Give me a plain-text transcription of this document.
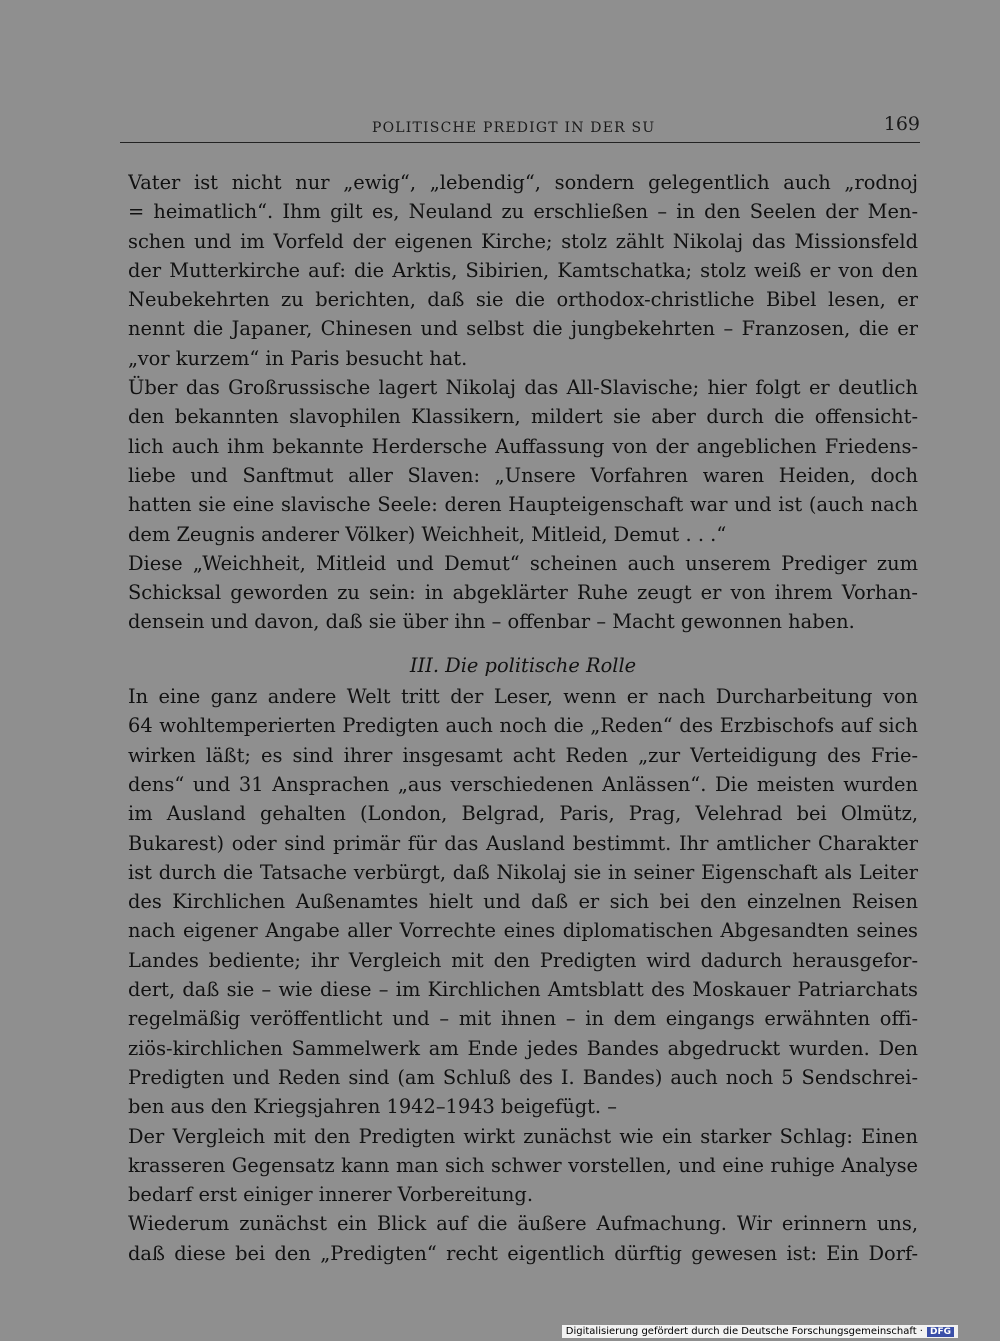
POLITISCHE PREDIGT IN DER SU	169
Vater ist nicht nur „ewig“, „lebendig“, sondern gelegentlich auch „rodnoj
= heimatlich“. Ihm gilt es, Neuland zu erschließen – in den Seelen der Men-
schen und im Vorfeld der eigenen Kirche; stolz zählt Nikolaj das Missionsfeld
der Mutterkirche auf: die Arktis, Sibirien, Kamtschatka; stolz weiß er von den
Neubekehrten zu berichten, daß sie die orthodox-christliche Bibel lesen, er
nennt die Japaner, Chinesen und selbst die jungbekehrten – Franzosen, die er
„vor kurzem“ in Paris besucht hat.
Über das Großrussische lagert Nikolaj das All-Slavische; hier folgt er deutlich
den bekannten slavophilen Klassikern, mildert sie aber durch die offensicht-
lich auch ihm bekannte Herdersche Auffassung von der angeblichen Friedens-
liebe und Sanftmut aller Slaven: „Unsere Vorfahren waren Heiden, doch
hatten sie eine slavische Seele: deren Haupteigenschaft war und ist (auch nach
dem Zeugnis anderer Völker) Weichheit, Mitleid, Demut . . .“
Diese „Weichheit, Mitleid und Demut“ scheinen auch unserem Prediger zum
Schicksal geworden zu sein: in abgeklärter Ruhe zeugt er von ihrem Vorhan-
densein und davon, daß sie über ihn – offenbar – Macht gewonnen haben.
III. Die politische Rolle
In eine ganz andere Welt tritt der Leser, wenn er nach Durcharbeitung von
64 wohltemperierten Predigten auch noch die „Reden“ des Erzbischofs auf sich
wirken läßt; es sind ihrer insgesamt acht Reden „zur Verteidigung des Frie-
dens“ und 31 Ansprachen „aus verschiedenen Anlässen“. Die meisten wurden
im Ausland gehalten (London, Belgrad, Paris, Prag, Velehrad bei Olmütz,
Bukarest) oder sind primär für das Ausland bestimmt. Ihr amtlicher Charakter
ist durch die Tatsache verbürgt, daß Nikolaj sie in seiner Eigenschaft als Leiter
des Kirchlichen Außenamtes hielt und daß er sich bei den einzelnen Reisen
nach eigener Angabe aller Vorrechte eines diplomatischen Abgesandten seines
Landes bediente; ihr Vergleich mit den Predigten wird dadurch herausgefor-
dert, daß sie – wie diese – im Kirchlichen Amtsblatt des Moskauer Patriarchats
regelmäßig veröffentlicht und – mit ihnen – in dem eingangs erwähnten offi-
ziös-kirchlichen Sammelwerk am Ende jedes Bandes abgedruckt wurden. Den
Predigten und Reden sind (am Schluß des I. Bandes) auch noch 5 Sendschrei-
ben aus den Kriegsjahren 1942–1943 beigefügt. –
Der Vergleich mit den Predigten wirkt zunächst wie ein starker Schlag: Einen
krasseren Gegensatz kann man sich schwer vorstellen, und eine ruhige Analyse
bedarf erst einiger innerer Vorbereitung.
Wiederum zunächst ein Blick auf die äußere Aufmachung. Wir erinnern uns,
daß diese bei den „Predigten“ recht eigentlich dürftig gewesen ist: Ein Dorf-
Digitalisierung gefördert durch die Deutsche Forschungsgemeinschaft · DFG
